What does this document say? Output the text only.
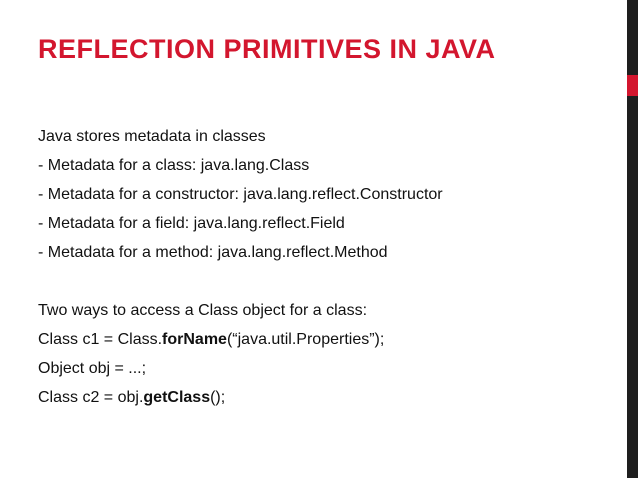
REFLECTION PRIMITIVES IN JAVA
Java stores metadata in classes
- Metadata for a class: java.lang.Class
- Metadata for a constructor: java.lang.reflect.Constructor
- Metadata for a field: java.lang.reflect.Field
- Metadata for a method: java.lang.reflect.Method
Two ways to access a Class object for a class:
Class c1 = Class.forName(“java.util.Properties”);
Object obj = ...;
Class c2 = obj.getClass();
